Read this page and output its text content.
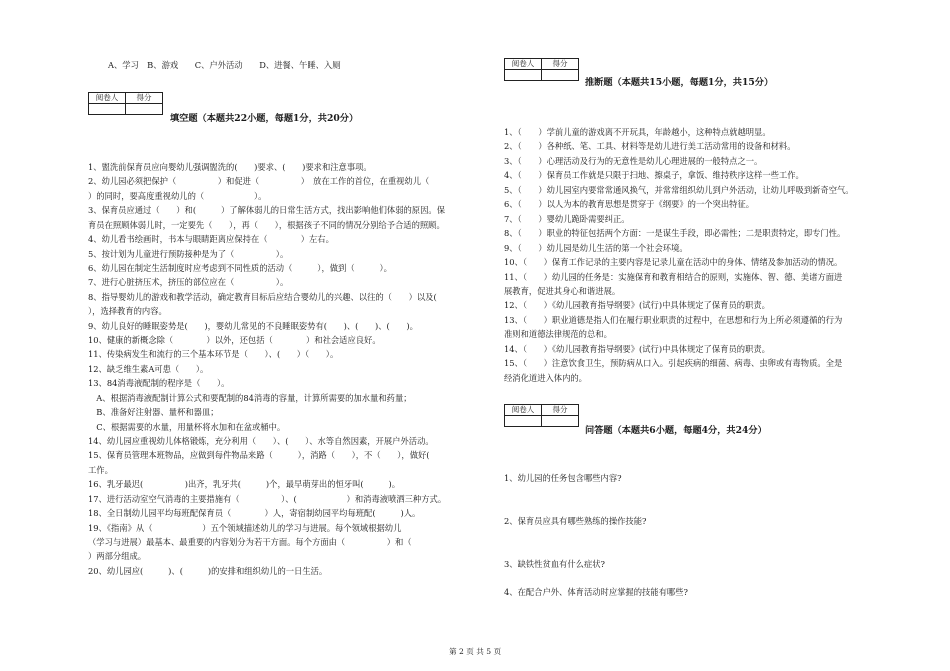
A、学习　B、游戏　　C、户外活动　　D、进餐、午睡、入厕
阅卷人	得分

填空题（本题共22小题，每题1分，共20分）
1、盥洗前保育员应向婴幼儿强调盥洗的(　　)要求、(　　)要求和注意事项。
2、幼儿园必须把保护（　　　　　）和促进（　　　　　）　放在工作的首位，在重视幼儿（
）的同时，要高度重视幼儿的（　　　　　　）。
3、保育员应通过（　　）和(　　　）了解体弱儿的日常生活方式，找出影响他们体弱的原因。保
育员在照顾体弱儿时，一定要先（　　），再（　　），根据孩子不同的情况分别给予合适的照顾。
4、幼儿看书绘画时，书本与眼睛距离应保持在（　　　　）左右。
5、按计划为儿童进行预防接种是为了（　　　　　）。
6、幼儿园在制定生活制度时应考虑到不同性质的活动（　　　），做到（　　　）。
7、进行心脏挤压术，挤压的部位应在（　　　　　）。
8、指导婴幼儿的游戏和教学活动，确定教育目标后应结合婴幼儿的兴趣、以往的（　　）以及(
），选择教育的内容。
9、幼儿良好的睡眠姿势是(　　)，婴幼儿常见的不良睡眠姿势有(　　)、(　　)、(　　)。
10、健康的新概念除（　　　　）以外，还包括（　　　　）和社会适应良好。
11、传染病发生和流行的三个基本环节是（　　）、(　　）（　　）。
12、缺乏维生素A可患（　　）。
13、84消毒液配制的程序是（　　）。
　A、根据消毒液配制计算公式和要配制的84消毒的容量，计算所需要的加水量和药量；
　B、准备好注射器、量杯和器皿；
　C、根据需要的水量，用量杯将水加和在盆或桶中。
14、幼儿园应重视幼儿体格锻炼，充分利用（　　）、(　　）、水等自然因素，开展户外活动。
15、保育员管理本班物品，应做到每件物品来路（　　　），消路（　　），不（　　），做好(　　
工作。
16、乳牙最迟(　　　　　)出齐，乳牙共(　　　)个，最早萌芽出的恒牙叫(　　　)。
17、进行活动室空气消毒的主要措施有（　　　　　）、(　　　　　　）和消毒液喷洒三种方式。
18、全日制幼儿园平均每班配保育员（　　　　）人，寄宿制幼园平均每班配(　　　)人。
19、《指南》从（　　　　　　）五个领域描述幼儿的学习与进展。每个领域根据幼儿
（学习与进展）最基本、最重要的内容划分为若干方面。每个方面由（　　　　　）和（
）两部分组成。
20、幼儿园应(　　　)、(　　　)的安排和组织幼儿的一日生活。
阅卷人	得分

推断题（本题共15小题，每题1分，共15分）
1、（　　）学前儿童的游戏离不开玩具，年龄越小，这种特点就越明显。
2、（　　）各种纸、笔、工具、材料等是幼儿进行美工活动常用的设备和材料。
3、（　　）心理活动及行为的无意性是幼儿心理进展的一般特点之一。
4、（　　）保育员工作就是只限于扫地、擦桌子，拿饭、维持秩序这样一些工作。
5、（　　）幼儿园室内要常常通风换气，并常常组织幼儿到户外活动，让幼儿呼吸到新奇空气。
6、（　　）以人为本的教育思想是贯穿于《纲要》的一个突出特征。
7、（　　）婴幼儿跪卧需要纠正。
8、（　　）职业的特征包括两个方面：一是谋生手段，即必需性；二是职责特定，即专门性。
9、（　　）幼儿园是幼儿生活的第一个社会环境。
10、（　　）保育工作记录的主要内容是记录儿童在活动中的身体、情绪及参加活动的情况。
11、（　　）幼儿园的任务是：实施保育和教育相结合的原则，实施体、智、德、美诸方面进
展教育，促进其身心和谐进展。
12、（　　）《幼儿园教育指导纲要》(试行)中具体规定了保育员的职责。
13、（　　）职业道德是指人们在履行职业职责的过程中，在思想和行为上所必须遵循的行为
准则和道德法律规范的总和。
14、（　　）《幼儿园教育指导纲要》(试行)中具体规定了保育员的职责。
15、（　　）注意饮食卫生，预防病从口入。引起疾病的细菌、病毒、虫卵或有毒物质。全是
经消化道进入体内的。
阅卷人	得分

问答题（本题共6小题，每题4分，共24分）
1、幼儿园的任务包含哪些内容?
2、保育员应具有哪些熟练的操作技能?
3、缺铁性贫血有什么症状?
4、在配合户外、体育活动时应掌握的技能有哪些?
第 2 页 共 5 页
